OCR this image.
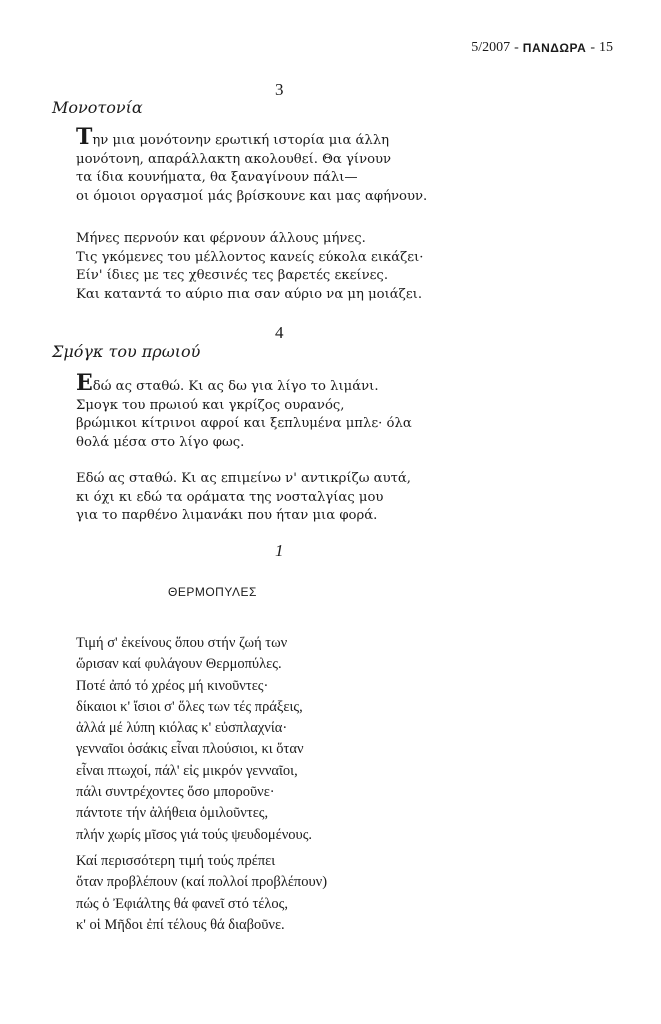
5/2007 - ΠΑΝΔΩΡΑ - 15
3
Μονοτονία
Την μια μονότονην ερωτική ιστορία μια άλλη
μονότονη, απαράλλακτη ακολουθεί. Θα γίνουν
τα ίδια κουνήματα, θα ξαναγίνουν πάλι—
οι όμοιοι οργασμοί μάς βρίσκουνε και μας αφήνουν.
Μήνες περνούν και φέρνουν άλλους μήνες.
Τις γκόμενες του μέλλοντος κανείς εύκολα εικάζει·
Είν' ίδιες με τες χθεσινές τες βαρετές εκείνες.
Και καταντά το αύριο πια σαν αύριο να μη μοιάζει.
4
Σμόγκ του πρωιού
Εδώ ας σταθώ. Κι ας δω για λίγο το λιμάνι.
Σμογκ του πρωιού και γκρίζος ουρανός,
βρώμικοι κίτρινοι αφροί και ξεπλυμένα μπλε· όλα
θολά μέσα στο λίγο φως.
Εδώ ας σταθώ. Κι ας επιμείνω ν' αντικρίζω αυτά,
κι όχι κι εδώ τα οράματα της νοσταλγίας μου
για το παρθένο λιμανάκι που ήταν μια φορά.
1
ΘΕΡΜΟΠΥΛΕΣ
Τιμή σ' ἐκείνους ὅπου στήν ζωή των
ὥρισαν καί φυλάγουν Θερμοπύλες.
Ποτέ ἀπό τό χρέος μή κινοῦντες·
δίκαιοι κ' ἴσιοι σ' ὅλες των τές πράξεις,
ἀλλά μέ λύπη κιόλας κ' εὐσπλαχνία·
γενναῖοι ὁσάκις εἶναι πλούσιοι, κι ὅταν
εἶναι πτωχοί, πάλ' εἰς μικρόν γενναῖοι,
πάλι συντρέχοντες ὅσο μποροῦνε·
πάντοτε τήν ἀλήθεια ὁμιλοῦντες,
πλήν χωρίς μῖσος γιά τούς ψευδομένους.
Καί περισσότερη τιμή τούς πρέπει
ὅταν προβλέπουν (καί πολλοί προβλέπουν)
πώς ὁ Ἐφιάλτης θά φανεῖ στό τέλος,
κ' οἱ Μῆδοι ἐπί τέλους θά διαβοῦνε.
